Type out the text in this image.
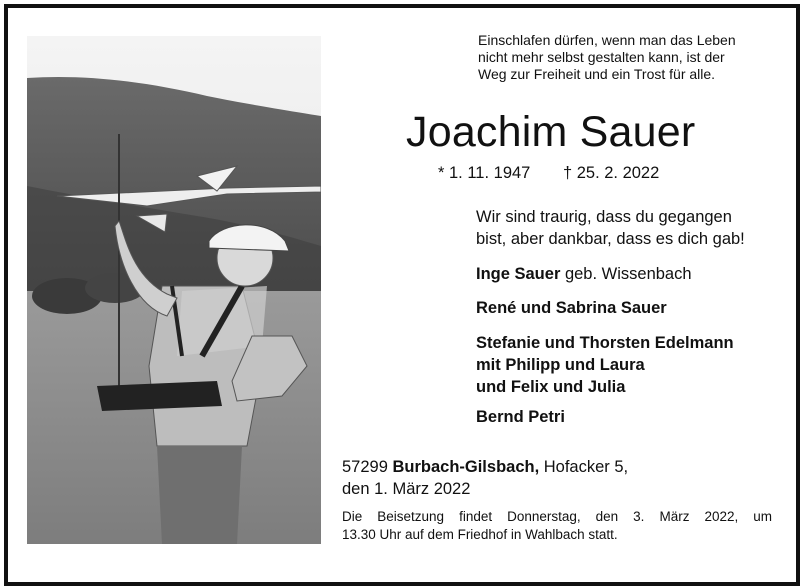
Einschlafen dürfen, wenn man das Leben
nicht mehr selbst gestalten kann, ist der
Weg zur Freiheit und ein Trost für alle.
Joachim Sauer
* 1. 11. 1947 † 25. 2. 2022
Wir sind traurig, dass du gegangen
bist, aber dankbar, dass es dich gab!
Inge Sauer geb. Wissenbach
René und Sabrina Sauer
Stefanie und Thorsten Edelmann
mit Philipp und Laura
und Felix und Julia
Bernd Petri
57299 Burbach-Gilsbach, Hofacker 5,
den 1. März 2022
Die Beisetzung findet Donnerstag, den 3. März 2022, um
13.30 Uhr auf dem Friedhof in Wahlbach statt.
